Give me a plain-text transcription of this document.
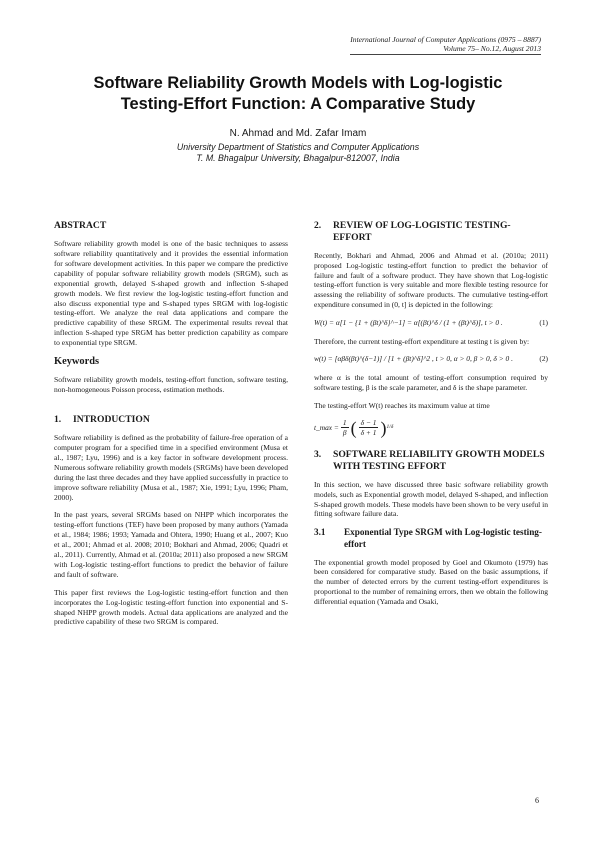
International Journal of Computer Applications (0975 – 8887)
Volume 75– No.12, August 2013
Software Reliability Growth Models with Log-logistic
Testing-Effort Function: A Comparative Study
N. Ahmad and Md. Zafar Imam
University Department of Statistics and Computer Applications
T. M. Bhagalpur University, Bhagalpur-812007, India
ABSTRACT

Software reliability growth model is one of the basic techniques to assess software reliability quantitatively and it provides the essential information for software development activities. In this paper we compare the predictive capability of popular software reliability growth models (SRGM), such as exponential growth, delayed S-shaped growth and inflection S-shaped growth models. We first review the log-logistic testing-effort function and also discuss exponential type and S-shaped types SRGM with log-logistic testing-effort. We analyze the real data applications and compare the predictive capability of these SRGM. The experimental results reveal that inflection S-shaped type SRGM has better prediction capability as compare to exponential type SRGM.

Keywords

Software reliability growth models, testing-effort function, software testing, non-homogeneous Poisson process, estimation methods.

1.	INTRODUCTION

Software reliability is defined as the probability of failure-free operation of a computer program for a specified time in a specified environment (Musa et al., 1987; Lyu, 1996) and is a key factor in software development process. Numerous software reliability growth models (SRGMs) have been developed during the last three decades and they have applied successfully in practice to improve software reliability (Musa et al., 1987; Xie, 1991; Lyu, 1996; Pham, 2000).

In the past years, several SRGMs based on NHPP which incorporates the testing-effort functions (TEF) have been proposed by many authors (Yamada et al., 1984; 1986; 1993; Yamada and Ohtera, 1990; Huang et al., 2007; Kuo et al., 2001; Ahmad et al. 2008; 2010; Bokhari and Ahmad, 2006; Quadri et al., 2011). Currently, Ahmad et al. (2010a; 2011) also proposed a new SRGM with Log-logistic testing-effort functions to predict the behavior of failure and fault of software.

This paper first reviews the Log-logistic testing-effort function and then incorporates the Log-logistic testing-effort function into exponential and S-shaped NHPP growth models. Actual data applications are analyzed and the predictive capability of these two SRGM is compared.

2.	REVIEW OF LOG-LOGISTIC TESTING-EFFORT

Recently, Bokhari and Ahmad, 2006 and Ahmad et al. (2010a; 2011) proposed Log-logistic testing-effort function to predict the behavior of failure and fault of a software product. They have shown that Log-logistic testing-effort function is very suitable and more flexible testing resource for assessing the reliability of software products. The cumulative testing-effort expenditure consumed in (0, t] is depicted in the following:

W(t) = α[1 − {1 + (βt)^δ}^−1] = α[(βt)^δ / (1 + (βt)^δ)], t > 0 .	(1)

Therefore, the current testing-effort expenditure at testing t is given by:

w(t) = [αβδ(βt)^(δ−1)] / [1 + (βt)^δ]^2 , t > 0, α > 0, β > 0, δ > 0 .	(2)

where α is the total amount of testing-effort consumption required by software testing, β is the scale parameter, and δ is the shape parameter.

The testing-effort W(t) reaches its maximum value at time

t_max = $\frac{1}{\beta}$ ( $\frac{\delta - 1}{\delta + 1}$ ) 1/δ
3.	SOFTWARE RELIABILITY GROWTH MODELS WITH TESTING EFFORT

In this section, we have discussed three basic software reliability growth models, such as Exponential growth model, delayed S-shaped, and inflection S-shaped growth models. These models have been shown to be very useful in fitting software failure data.

3.1	Exponential Type SRGM with Log-logistic testing-effort

The exponential growth model proposed by Goel and Okumoto (1979) has been considered for comparative study. Based on the basic assumptions, if the number of detected errors by the current testing-effort expenditures is proportional to the number of remaining errors, then we obtain the following differential equation (Yamada and Osaki,

6
